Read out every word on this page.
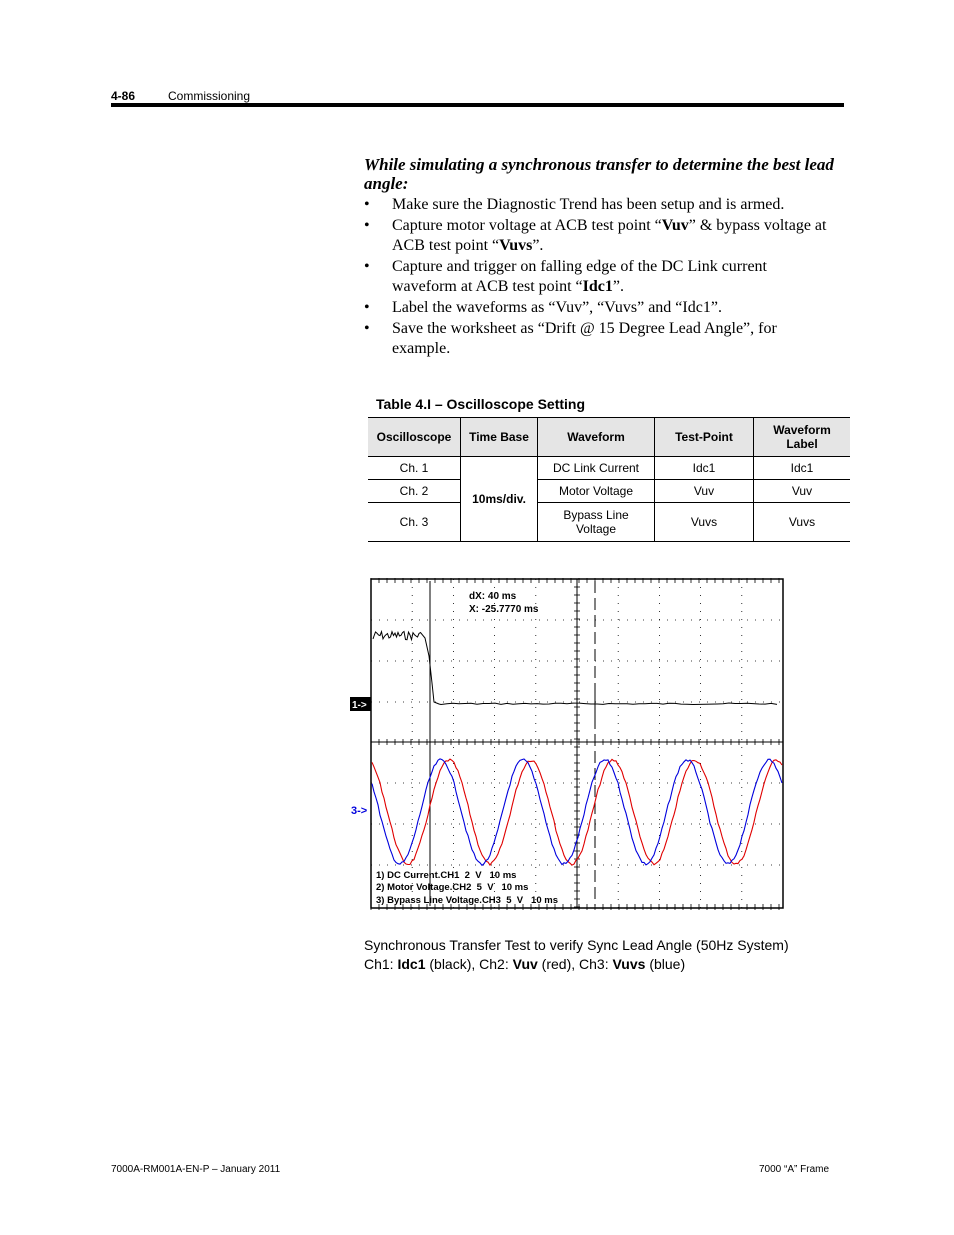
4-86	Commissioning
While simulating a synchronous transfer to determine the best lead angle:
• Make sure the Diagnostic Trend has been setup and is armed.
• Capture motor voltage at ACB test point “Vuv” & bypass voltage at ACB test point “Vuvs”.
• Capture and trigger on falling edge of the DC Link current waveform at ACB test point “Idc1”.
• Label the waveforms as “Vuv”, “Vuvs” and “Idc1”.
• Save the worksheet as “Drift @ 15 Degree Lead Angle”, for example.
Table 4.I – Oscilloscope Setting
Oscilloscope	Time Base	Waveform	Test-Point	Waveform Label
Ch. 1	10ms/div.	DC Link Current	Idc1	Idc1
Ch. 2		Motor Voltage	Vuv	Vuv
Ch. 3		Bypass Line Voltage	Vuvs	Vuvs
dX: 40 ms
X: -25.7770 ms
1->
3->
1) DC Current.CH1  2  V   10 ms
2) Motor Voltage.CH2  5  V   10 ms
3) Bypass Line Voltage.CH3  5  V   10 ms
Synchronous Transfer Test to verify Sync Lead Angle (50Hz System)
Ch1: Idc1 (black), Ch2: Vuv (red), Ch3: Vuvs (blue)
7000A-RM001A-EN-P – January 2011	7000 “A” Frame
